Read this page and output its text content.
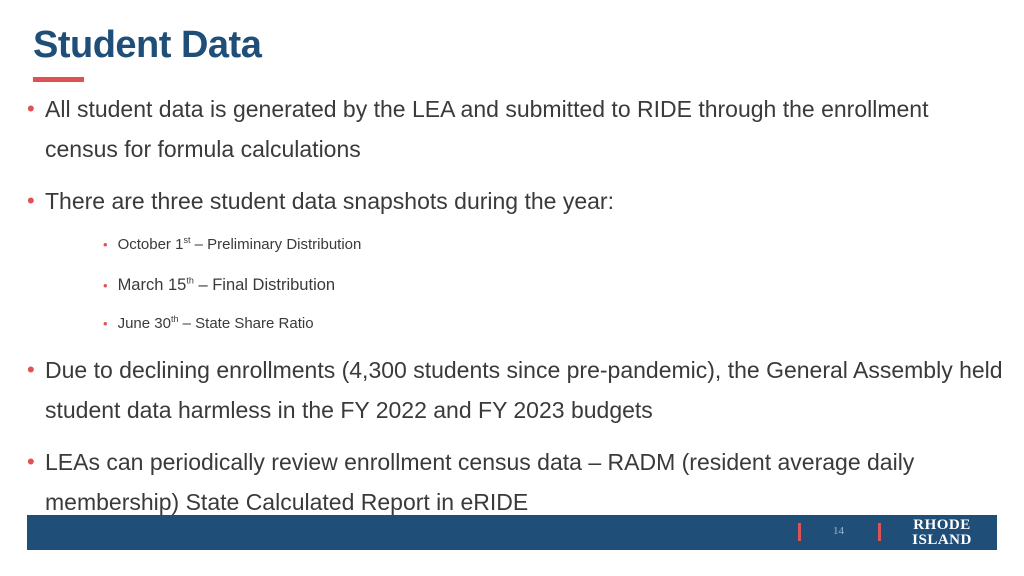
Student Data
• All student data is generated by the LEA and submitted to RIDE through the enrollment census for formula calculations
• There are three student data snapshots during the year:
• October 1st – Preliminary Distribution
• March 15th – Final Distribution
• June 30th – State Share Ratio
• Due to declining enrollments (4,300 students since pre-pandemic), the General Assembly held student data harmless in the FY 2022 and FY 2023 budgets
• LEAs can periodically review enrollment census data – RADM (resident average daily membership) State Calculated Report in eRIDE
14	RHODE
ISLAND
